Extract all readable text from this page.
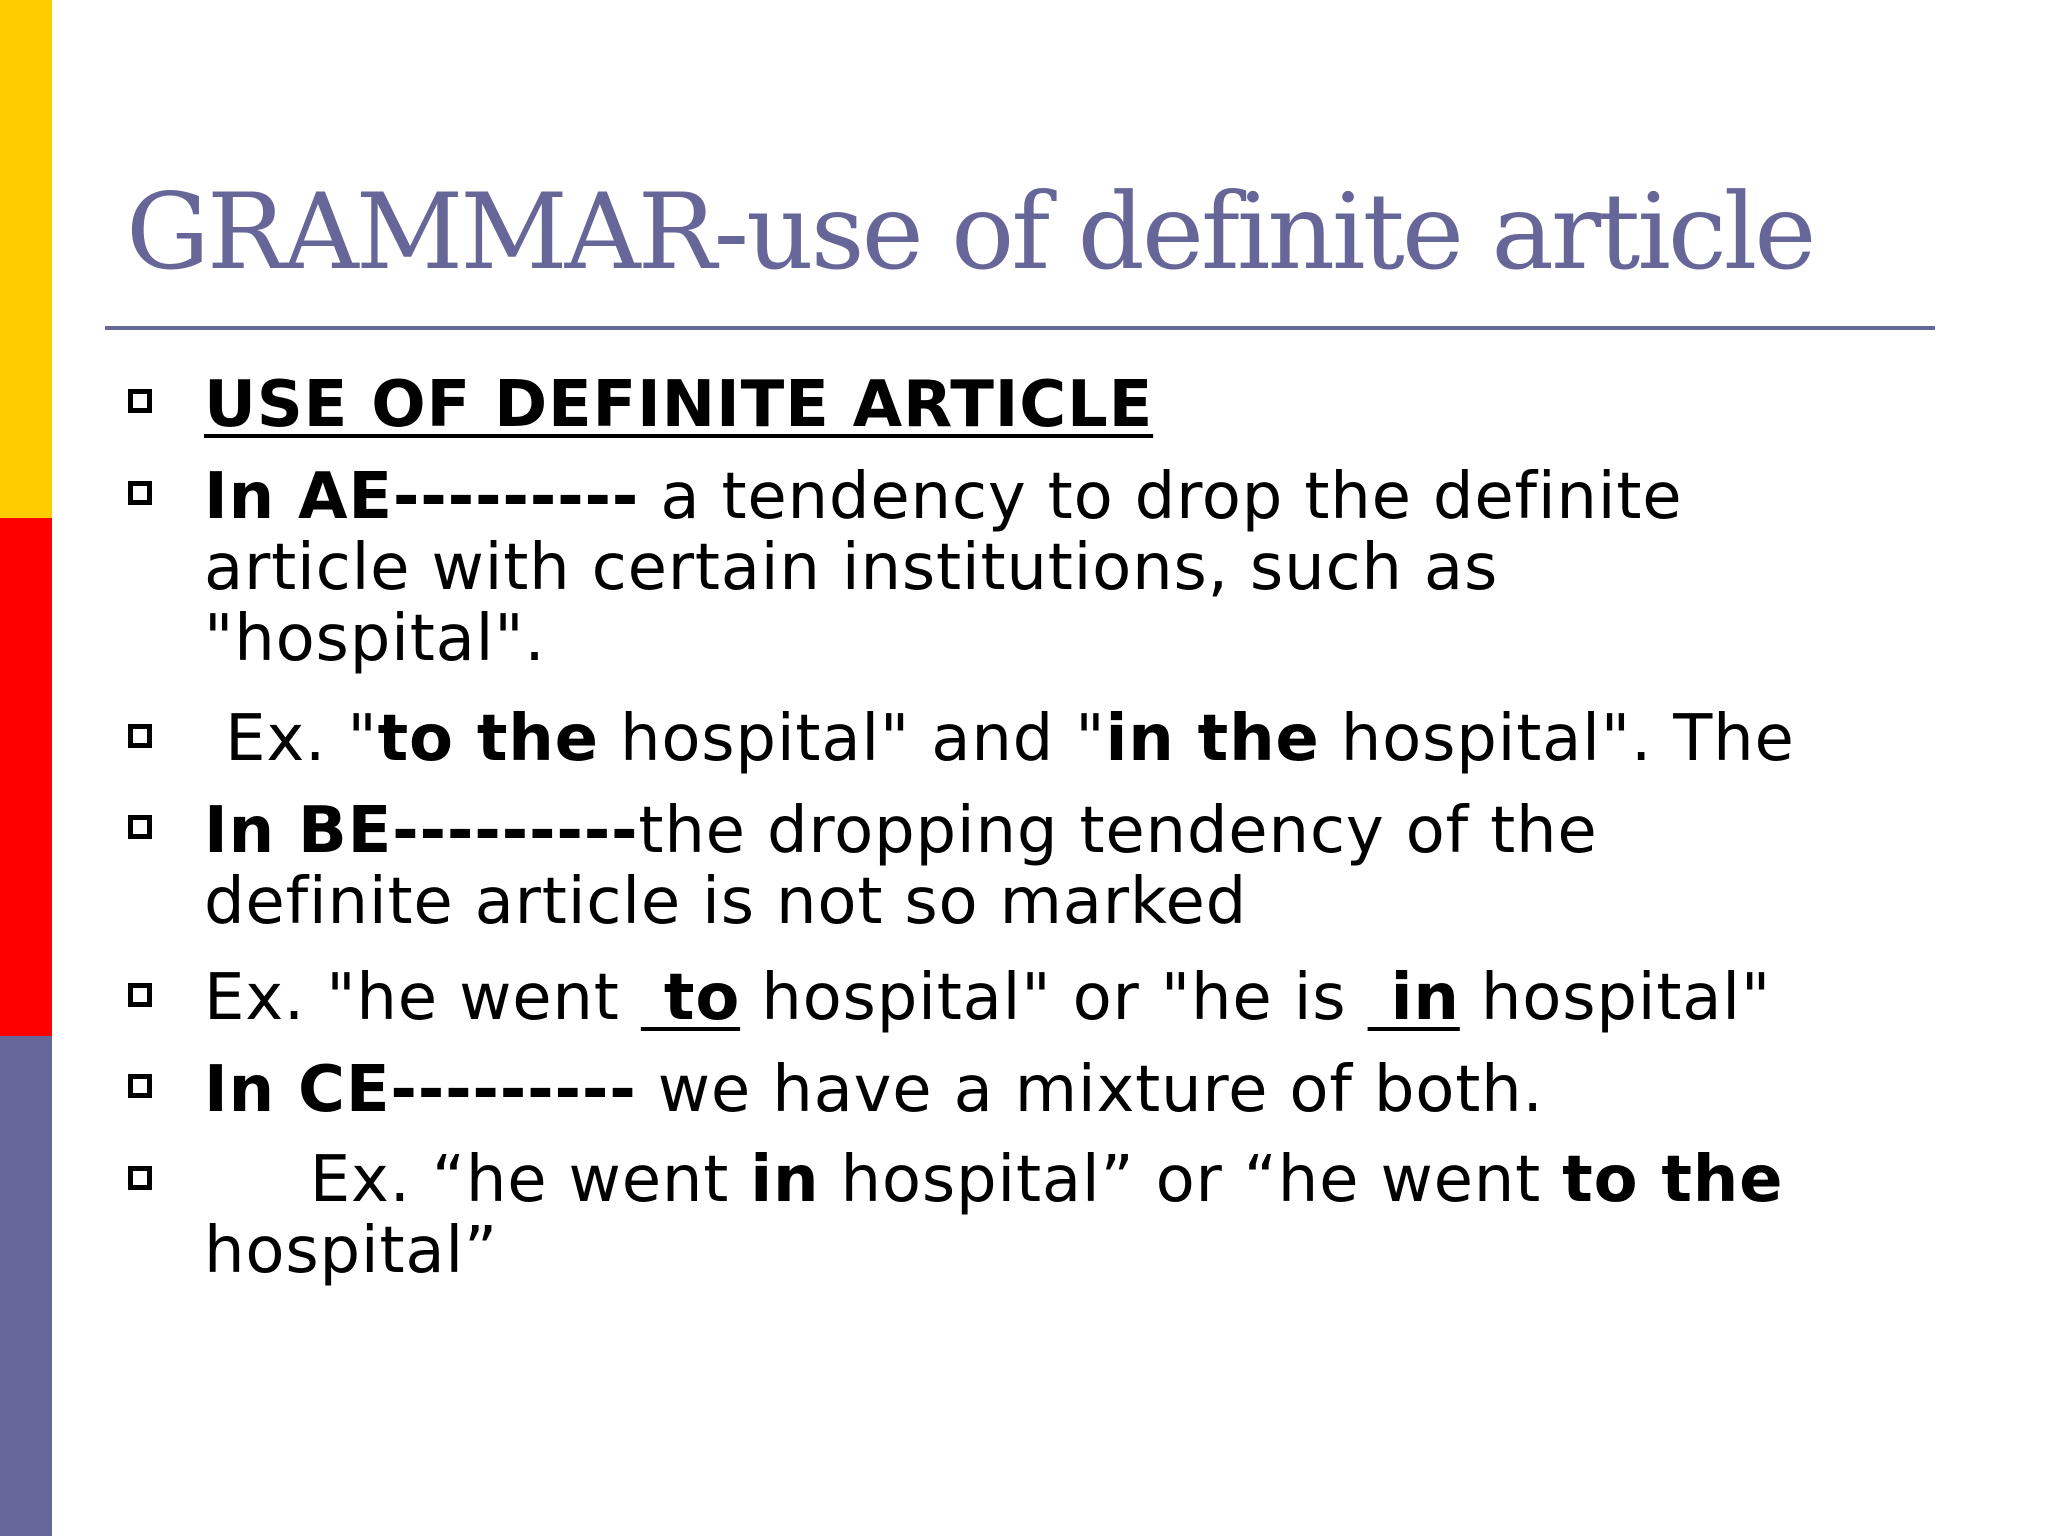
GRAMMAR-use of definite article
USE OF DEFINITE ARTICLE
In AE--------- a tendency to drop the definite
article with certain institutions, such as
"hospital".
Ex. "to the hospital" and "in the hospital". The
In BE---------the dropping tendency of the
definite article is not so marked
Ex. "he went  to hospital" or "he is  in hospital"
In CE--------- we have a mixture of both.
Ex. “he went in hospital” or “he went to the
hospital”
